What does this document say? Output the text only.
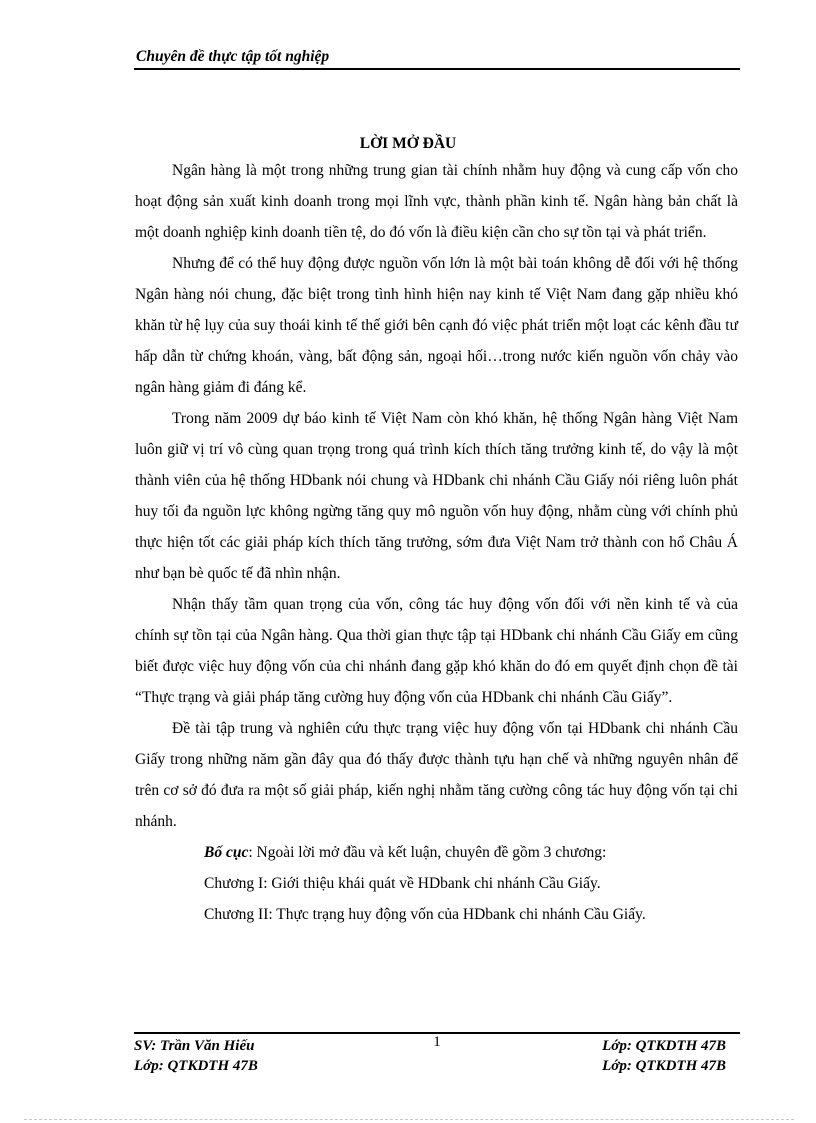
Chuyên đề thực tập tốt nghiệp
LỜI MỞ ĐẦU

Ngân hàng là một trong những trung gian tài chính nhằm huy động và cung cấp vốn cho hoạt động sản xuất kinh doanh trong mọi lĩnh vực, thành phần kinh tế. Ngân hàng bản chất là một doanh nghiệp kinh doanh tiền tệ, do đó vốn là điều kiện cần cho sự tồn tại và phát triển.

Nhưng để có thể huy động được nguồn vốn lớn là một bài toán không dễ đối với hệ thống Ngân hàng nói chung, đặc biệt trong tình hình hiện nay kinh tế Việt Nam đang gặp nhiều khó khăn từ hệ lụy của suy thoái kinh tế thế giới bên cạnh đó việc phát triển một loạt các kênh đầu tư hấp dẫn từ chứng khoán, vàng, bất động sản, ngoại hối…trong nước kiến nguồn vốn chảy vào ngân hàng giảm đi đáng kể.

Trong năm 2009 dự báo kinh tế Việt Nam còn khó khăn, hệ thống Ngân hàng Việt Nam luôn giữ vị trí vô cùng quan trọng trong quá trình kích thích tăng trưởng kinh tế, do vậy là một thành viên của hệ thống HDbank nói chung và HDbank chi nhánh Cầu Giấy nói riêng luôn phát huy tối đa nguồn lực không ngừng tăng quy mô nguồn vốn huy động, nhằm cùng với chính phủ thực hiện tốt các giải pháp kích thích tăng trưởng, sớm đưa Việt Nam trở thành con hổ Châu Á như bạn bè quốc tế đã nhìn nhận.

Nhận thấy tầm quan trọng của vốn, công tác huy động vốn đối với nền kinh tế và của chính sự tồn tại của Ngân hàng. Qua thời gian thực tập tại HDbank chi nhánh Cầu Giấy em cũng biết được việc huy động vốn của chi nhánh đang gặp khó khăn do đó em quyết định chọn đề tài “Thực trạng và giải pháp tăng cường huy động vốn của HDbank chi nhánh Cầu Giấy”.

Đề tài tập trung và nghiên cứu thực trạng việc huy động vốn tại HDbank chi nhánh Cầu Giấy trong những năm gần đây qua đó thấy được thành tựu hạn chế và những nguyên nhân để trên cơ sở đó đưa ra một số giải pháp, kiến nghị nhằm tăng cường công tác huy động vốn tại chi nhánh.

Bố cục: Ngoài lời mở đầu và kết luận, chuyên đề gồm 3 chương:

Chương I: Giới thiệu khái quát về HDbank chi nhánh Cầu Giấy.

Chương II: Thực trạng huy động vốn của HDbank chi nhánh Cầu Giấy.

1
SV: Trần Văn Hiếu
Lớp: QTKDTH 47B
Lớp: QTKDTH 47B
Lớp: QTKDTH 47B
